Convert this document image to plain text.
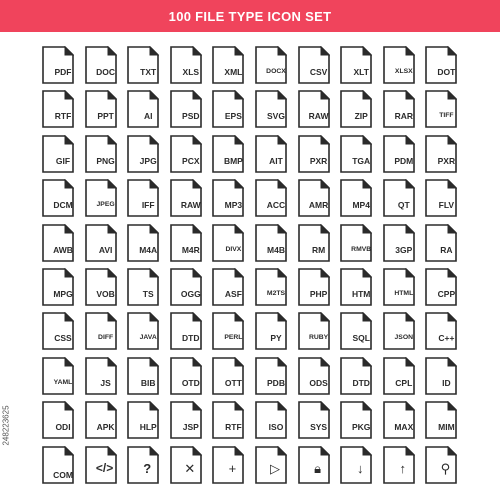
100 FILE TYPE ICON SET
PDF	DOC	TXT	XLS	XML	DOCX	CSV	XLT	XLSX	DOT
RTF	PPT	AI	PSD	EPS	SVG	RAW	ZIP	RAR	TIFF
GIF	PNG	JPG	PCX	BMP	AIT	PXR	TGA	PDM	PXR
DCM	JPEG	IFF	RAW	MP3	ACC	AMR	MP4	QT	FLV
AWB	AVI	M4A	M4R	DIVX	M4B	RM	RMVB	3GP	RA
MPG	VOB	TS	OGG	ASF	M2TS	PHP	HTM	HTML	CPP
CSS	DIFF	JAVA	DTD	PERL	PY	RUBY	SQL	JSON	C++
YAML	JS	BIB	OTD	OTT	PDB	ODS	DTD	CPL	ID
ODI	APK	HLP	JSP	RTF	ISO	SYS	PKG	MAX	MIM
COM	</>	?	✕	+	▷	🔒︎	↓	↑	⚲
248223625
